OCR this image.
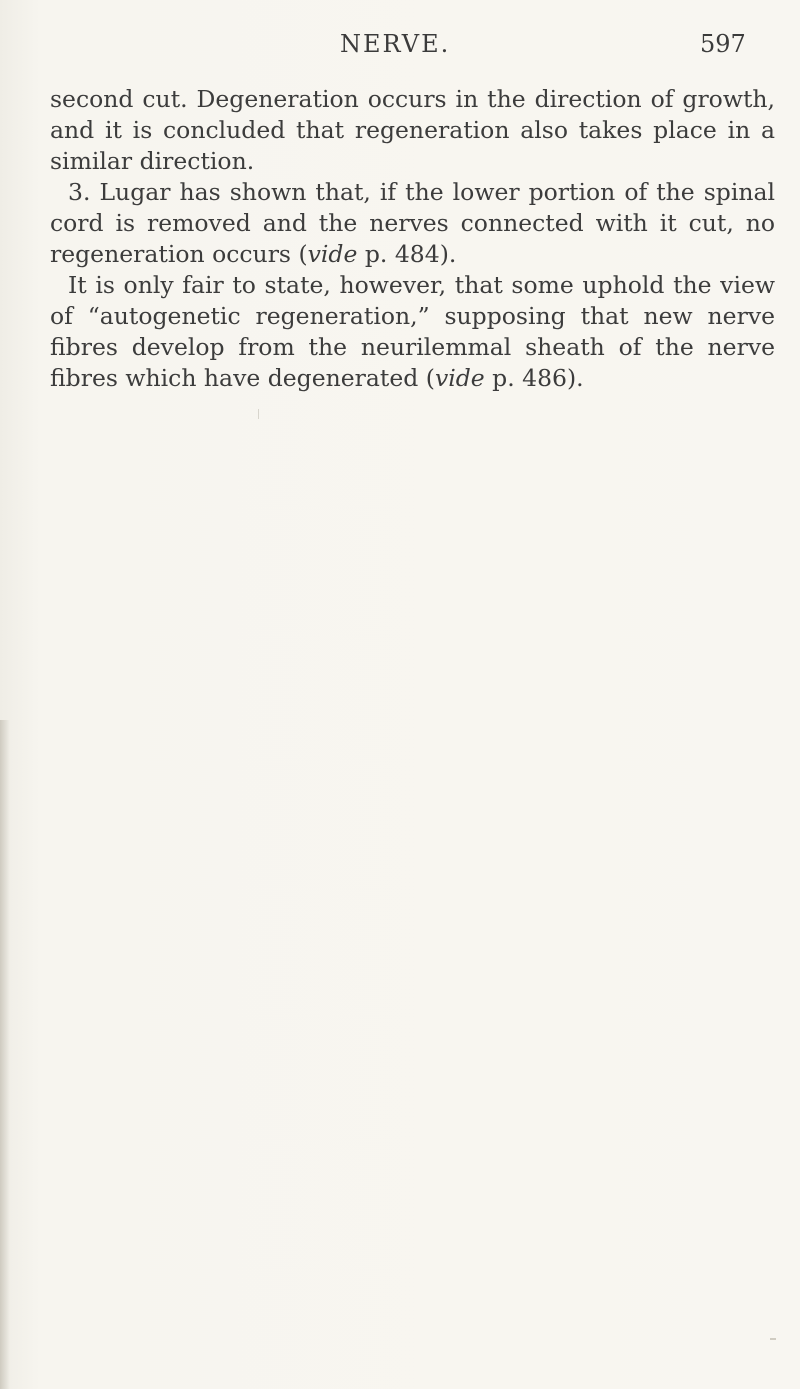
NERVE.	597
second cut. Degeneration occurs in the direction of growth,
and it is concluded that regeneration also takes place in a
similar direction.
3. Lugar has shown that, if the lower portion of the spinal
cord is removed and the nerves connected with it cut, no
regeneration occurs (vide p. 484).
It is only fair to state, however, that some uphold the view
of “autogenetic regeneration,” supposing that new nerve
fibres develop from the neurilemmal sheath of the nerve
fibres which have degenerated (vide p. 486).
